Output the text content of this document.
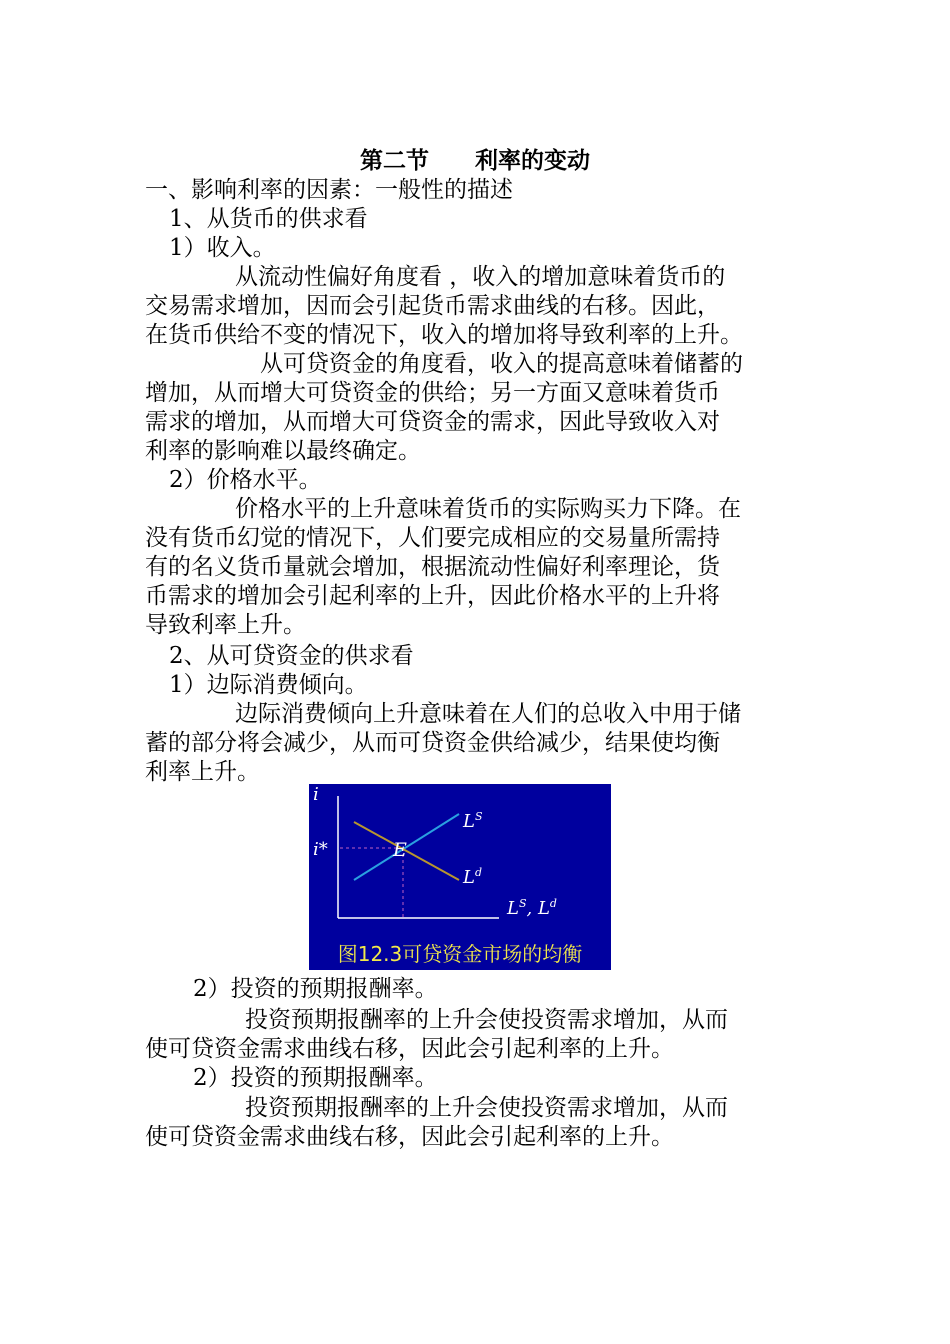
第二节　　利率的变动
一、影响利率的因素：一般性的描述
1、从货币的供求看
1）收入。
从流动性偏好角度看 ，收入的增加意味着货币的
交易需求增加，因而会引起货币需求曲线的右移。因此，
在货币供给不变的情况下，收入的增加将导致利率的上升。
从可贷资金的角度看，收入的提高意味着储蓄的
增加，从而增大可贷资金的供给；另一方面又意味着货币
需求的增加，从而增大可贷资金的需求，因此导致收入对
利率的影响难以最终确定。
2）价格水平。
价格水平的上升意味着货币的实际购买力下降。在
没有货币幻觉的情况下，人们要完成相应的交易量所需持
有的名义货币量就会增加，根据流动性偏好利率理论，货
币需求的增加会引起利率的上升，因此价格水平的上升将
导致利率上升。
2、从可贷资金的供求看
1）边际消费倾向。
边际消费倾向上升意味着在人们的总收入中用于储
蓄的部分将会减少，从而可贷资金供给减少，结果使均衡
利率上升。
i
i*	E
$L^S$
$L^d$
$L^S$, $L^d$
图12.3可贷资金市场的均衡
2）投资的预期报酬率。
投资预期报酬率的上升会使投资需求增加，从而
使可贷资金需求曲线右移，因此会引起利率的上升。
2）投资的预期报酬率。
投资预期报酬率的上升会使投资需求增加，从而
使可贷资金需求曲线右移，因此会引起利率的上升。
